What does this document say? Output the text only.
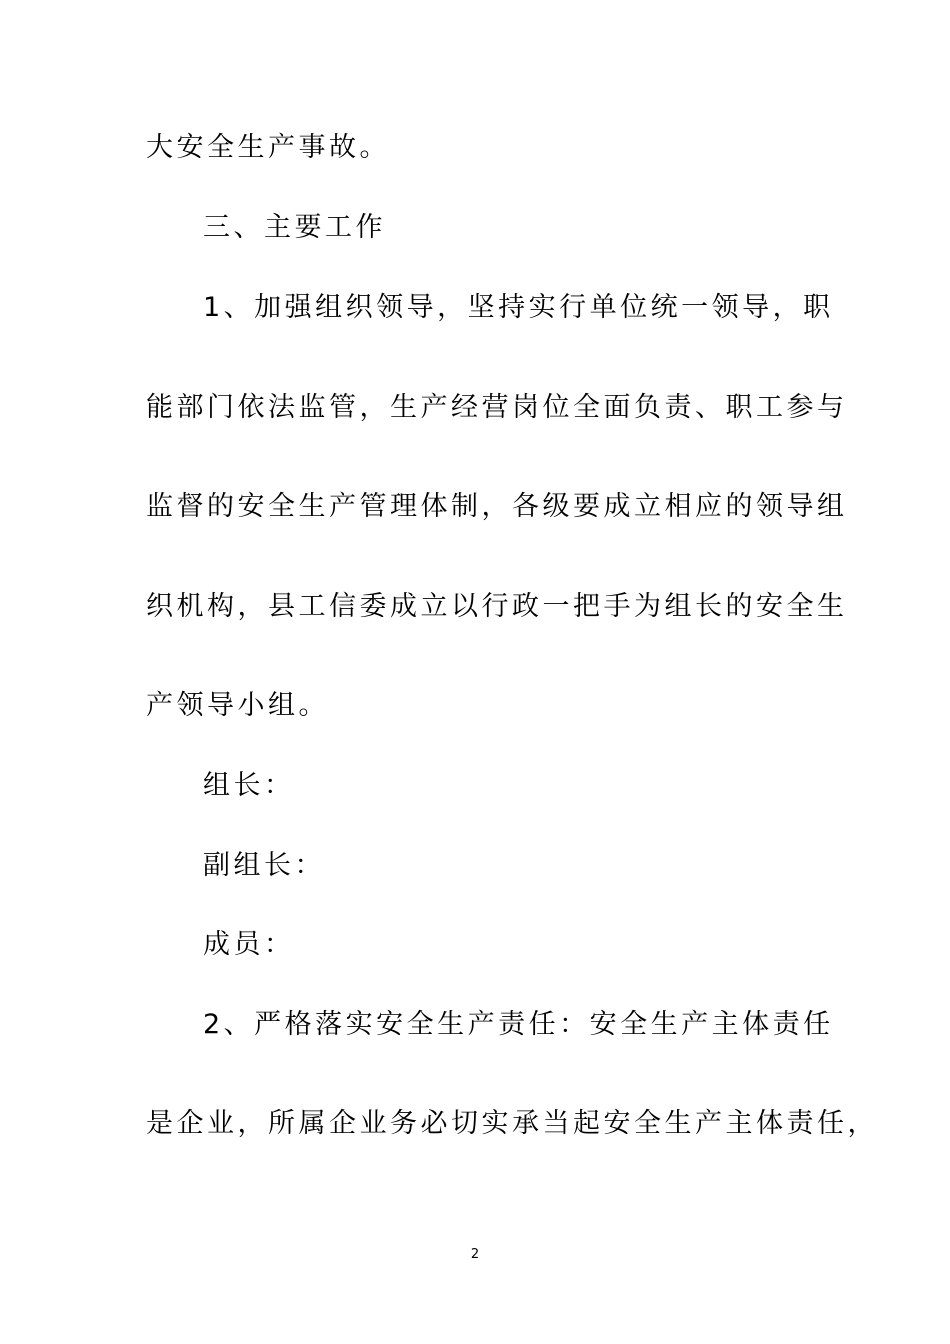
大安全生产事故。
三、主要工作
1、加强组织领导，坚持实行单位统一领导，职
能部门依法监管，生产经营岗位全面负责、职工参与
监督的安全生产管理体制，各级要成立相应的领导组
织机构，县工信委成立以行政一把手为组长的安全生
产领导小组。
组长：
副组长：
成员：
2、严格落实安全生产责任：安全生产主体责任
是企业，所属企业务必切实承当起安全生产主体责任，
2
